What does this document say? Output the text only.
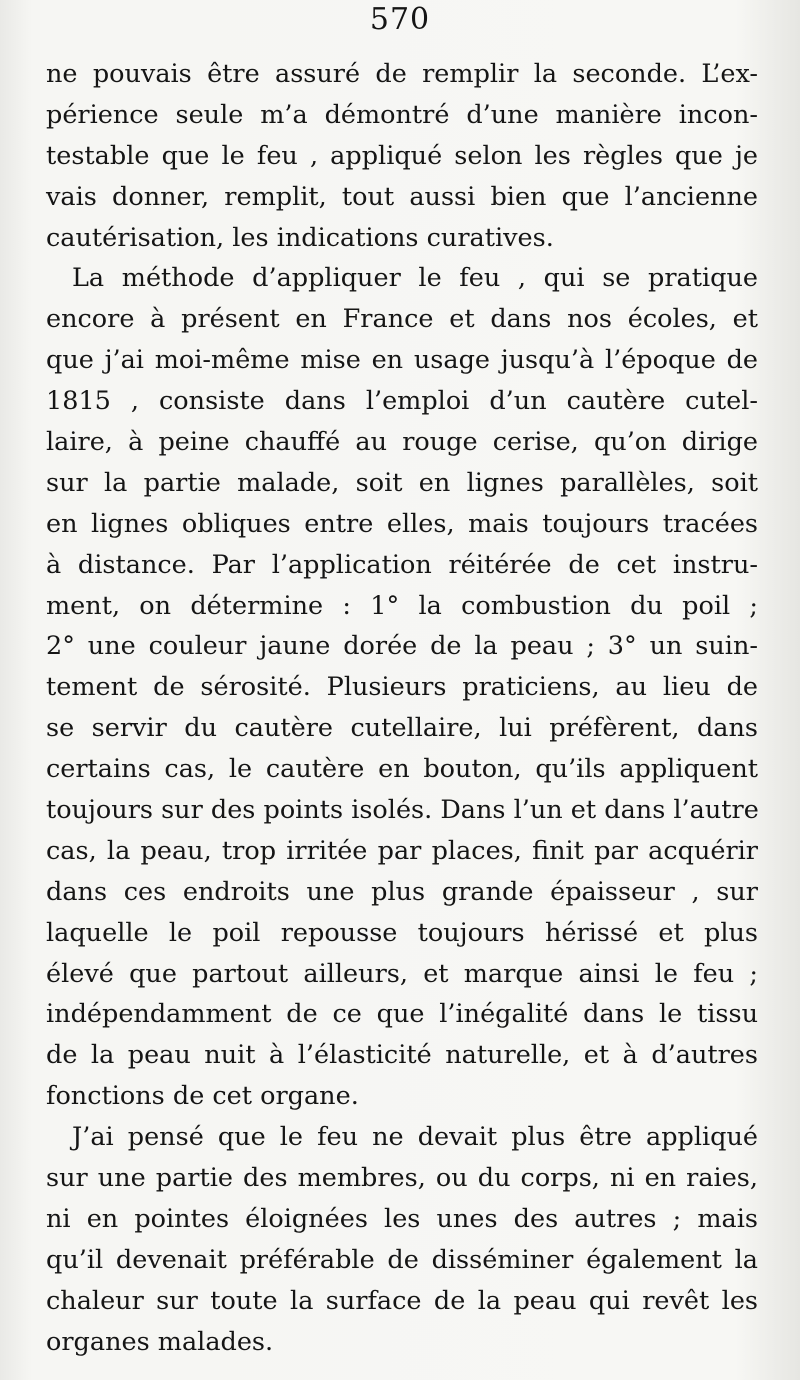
570
ne pouvais être assuré de remplir la seconde. L’ex-
périence seule m’a démontré d’une manière incon-
testable que le feu , appliqué selon les règles que je
vais donner, remplit, tout aussi bien que l’ancienne
cautérisation, les indications curatives.
La méthode d’appliquer le feu , qui se pratique
encore à présent en France et dans nos écoles, et
que j’ai moi-même mise en usage jusqu’à l’époque de
1815 , consiste dans l’emploi d’un cautère cutel-
laire, à peine chauffé au rouge cerise, qu’on dirige
sur la partie malade, soit en lignes parallèles, soit
en lignes obliques entre elles, mais toujours tracées
à distance. Par l’application réitérée de cet instru-
ment, on détermine : 1° la combustion du poil ;
2° une couleur jaune dorée de la peau ; 3° un suin-
tement de sérosité. Plusieurs praticiens, au lieu de
se servir du cautère cutellaire, lui préfèrent, dans
certains cas, le cautère en bouton, qu’ils appliquent
toujours sur des points isolés. Dans l’un et dans l’autre
cas, la peau, trop irritée par places, finit par acquérir
dans ces endroits une plus grande épaisseur , sur
laquelle le poil repousse toujours hérissé et plus
élevé que partout ailleurs, et marque ainsi le feu ;
indépendamment de ce que l’inégalité dans le tissu
de la peau nuit à l’élasticité naturelle, et à d’autres
fonctions de cet organe.
J’ai pensé que le feu ne devait plus être appliqué
sur une partie des membres, ou du corps, ni en raies,
ni en pointes éloignées les unes des autres ; mais
qu’il devenait préférable de disséminer également la
chaleur sur toute la surface de la peau qui revêt les
organes malades.
